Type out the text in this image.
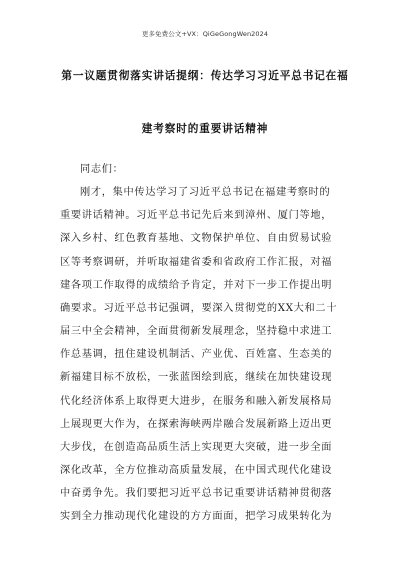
更多免费公文+VX：QiGeGongWen2024
第一议题贯彻落实讲话提纲：传达学习习近平总书记在福
建考察时的重要讲话精神

同志们：

刚才，集中传达学习了习近平总书记在福建考察时的

重要讲话精神。习近平总书记先后来到漳州、厦门等地，

深入乡村、红色教育基地、文物保护单位、自由贸易试验

区等考察调研，并听取福建省委和省政府工作汇报，对福

建各项工作取得的成绩给予肯定，并对下一步工作提出明

确要求。习近平总书记强调，要深入贯彻党的XX大和二十

届三中全会精神，全面贯彻新发展理念，坚持稳中求进工

作总基调，扭住建设机制活、产业优、百姓富、生态美的

新福建目标不放松，一张蓝图绘到底，继续在加快建设现

代化经济体系上取得更大进步，在服务和融入新发展格局

上展现更大作为，在探索海峡两岸融合发展新路上迈出更

大步伐，在创造高品质生活上实现更大突破，进一步全面

深化改革，全方位推动高质量发展，在中国式现代化建设

中奋勇争先。我们要把习近平总书记重要讲话精神贯彻落

实到全力推动现代化建设的方方面面，把学习成果转化为
